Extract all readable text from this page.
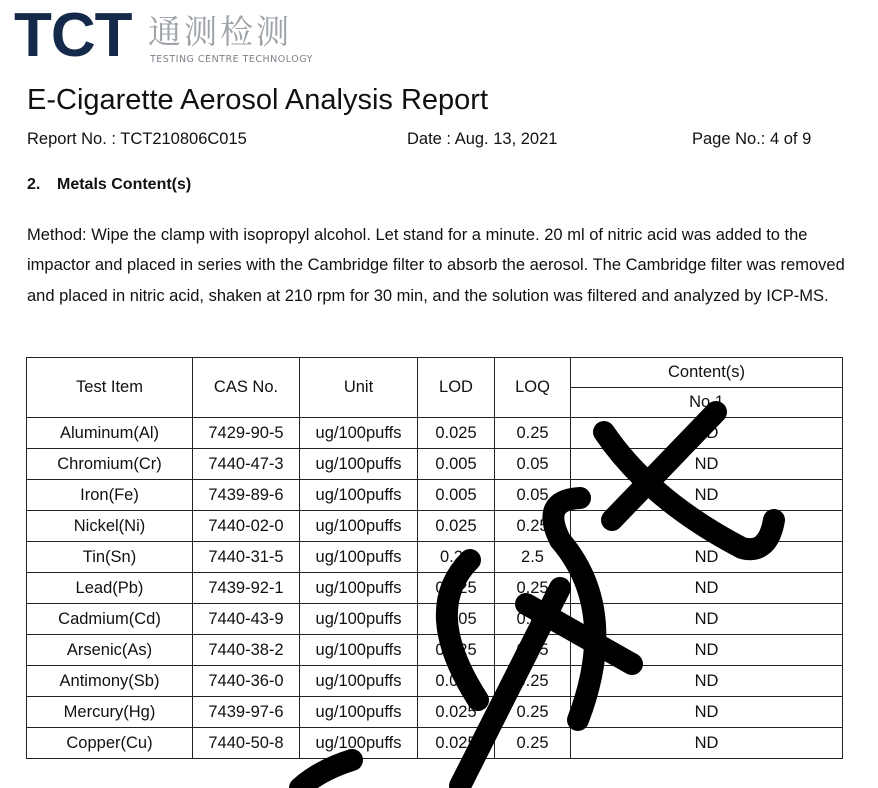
TCT 通测检测
TESTING CENTRE TECHNOLOGY
E-Cigarette Aerosol Analysis Report
Report No. : TCT210806C015	Date : Aug. 13, 2021	Page No.: 4 of 9
2. Metals Content(s)

Method: Wipe the clamp with isopropyl alcohol. Let stand for a minute. 20 ml of nitric acid was added to the impactor and placed in series with the Cambridge filter to absorb the aerosol. The Cambridge filter was removed and placed in nitric acid, shaken at 210 rpm for 30 min, and the solution was filtered and analyzed by ICP-MS.

Test Item	CAS No.	Unit	LOD	LOQ	Content(s)
					No.1
Aluminum(Al)	7429-90-5	ug/100puffs	0.025	0.25	ND
Chromium(Cr)	7440-47-3	ug/100puffs	0.005	0.05	ND
Iron(Fe)	7439-89-6	ug/100puffs	0.005	0.05	ND
Nickel(Ni)	7440-02-0	ug/100puffs	0.025	0.25	ND
Tin(Sn)	7440-31-5	ug/100puffs	0.25	2.5	ND
Lead(Pb)	7439-92-1	ug/100puffs	0.025	0.25	ND
Cadmium(Cd)	7440-43-9	ug/100puffs	0.005	0.05	ND
Arsenic(As)	7440-38-2	ug/100puffs	0.025	0.25	ND
Antimony(Sb)	7440-36-0	ug/100puffs	0.025	0.25	ND
Mercury(Hg)	7439-97-6	ug/100puffs	0.025	0.25	ND
Copper(Cu)	7440-50-8	ug/100puffs	0.025	0.25	ND
